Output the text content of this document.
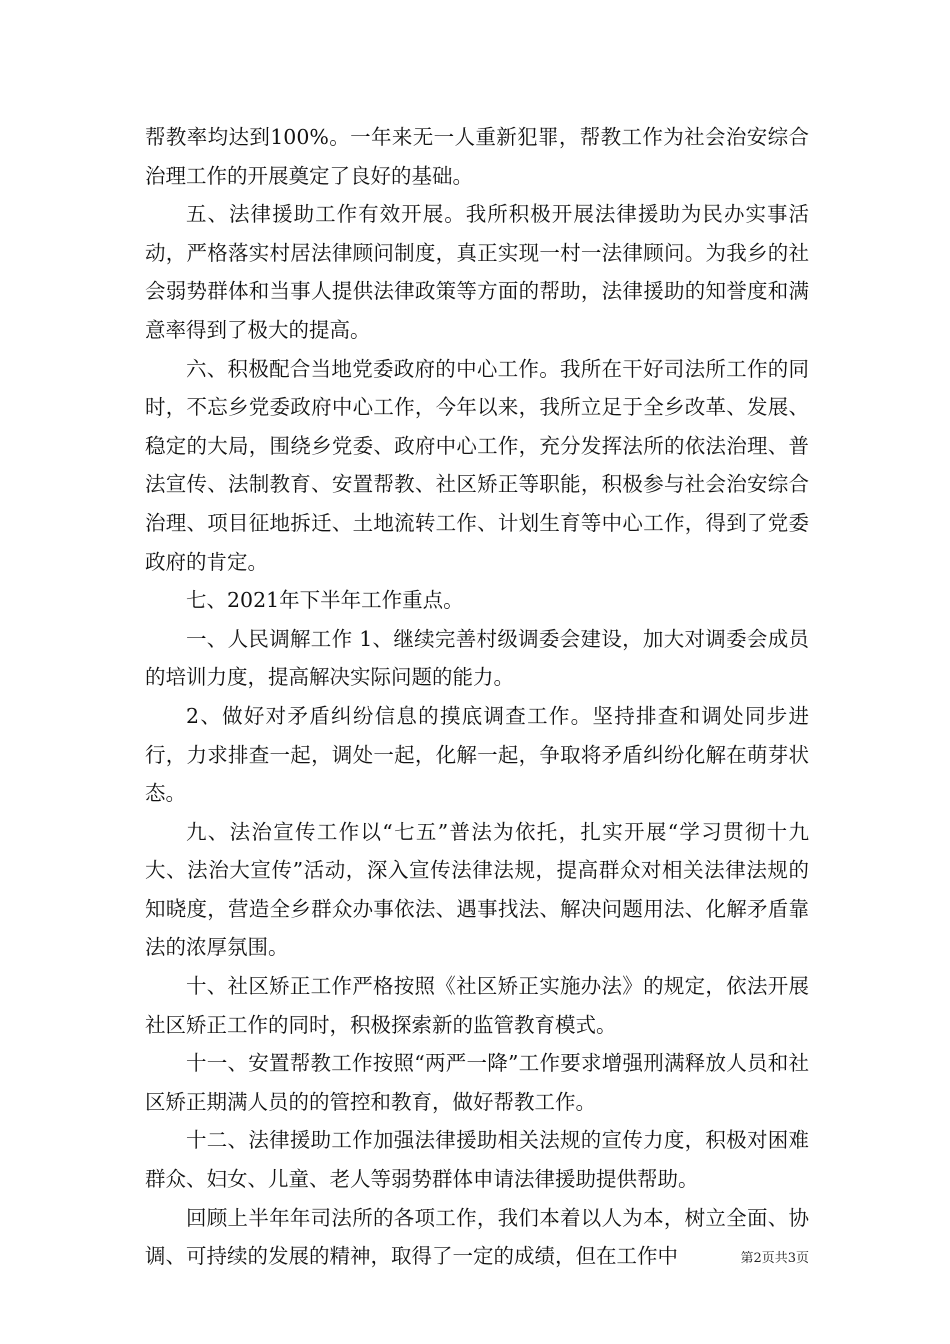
帮教率均达到100%。一年来无一人重新犯罪，帮教工作为社会治安综合治理工作的开展奠定了良好的基础。

五、法律援助工作有效开展。我所积极开展法律援助为民办实事活动，严格落实村居法律顾问制度，真正实现一村一法律顾问。为我乡的社会弱势群体和当事人提供法律政策等方面的帮助，法律援助的知誉度和满意率得到了极大的提高。

六、积极配合当地党委政府的中心工作。我所在干好司法所工作的同时，不忘乡党委政府中心工作，今年以来，我所立足于全乡改革、发展、稳定的大局，围绕乡党委、政府中心工作，充分发挥法所的依法治理、普法宣传、法制教育、安置帮教、社区矫正等职能，积极参与社会治安综合治理、项目征地拆迁、土地流转工作、计划生育等中心工作，得到了党委政府的肯定。

七、2021年下半年工作重点。

一、人民调解工作 1、继续完善村级调委会建设，加大对调委会成员的培训力度，提高解决实际问题的能力。

2、做好对矛盾纠纷信息的摸底调查工作。坚持排查和调处同步进行，力求排查一起，调处一起，化解一起，争取将矛盾纠纷化解在萌芽状态。

九、法治宣传工作以“七五”普法为依托，扎实开展“学习贯彻十九大、法治大宣传”活动，深入宣传法律法规，提高群众对相关法律法规的知晓度，营造全乡群众办事依法、遇事找法、解决问题用法、化解矛盾靠法的浓厚氛围。

十、社区矫正工作严格按照《社区矫正实施办法》的规定，依法开展社区矫正工作的同时，积极探索新的监管教育模式。

十一、安置帮教工作按照“两严一降”工作要求增强刑满释放人员和社区矫正期满人员的的管控和教育，做好帮教工作。

十二、法律援助工作加强法律援助相关法规的宣传力度，积极对困难群众、妇女、儿童、老人等弱势群体申请法律援助提供帮助。

回顾上半年年司法所的各项工作，我们本着以人为本，树立全面、协调、可持续的发展的精神，取得了一定的成绩，但在工作中	第2页共3页
